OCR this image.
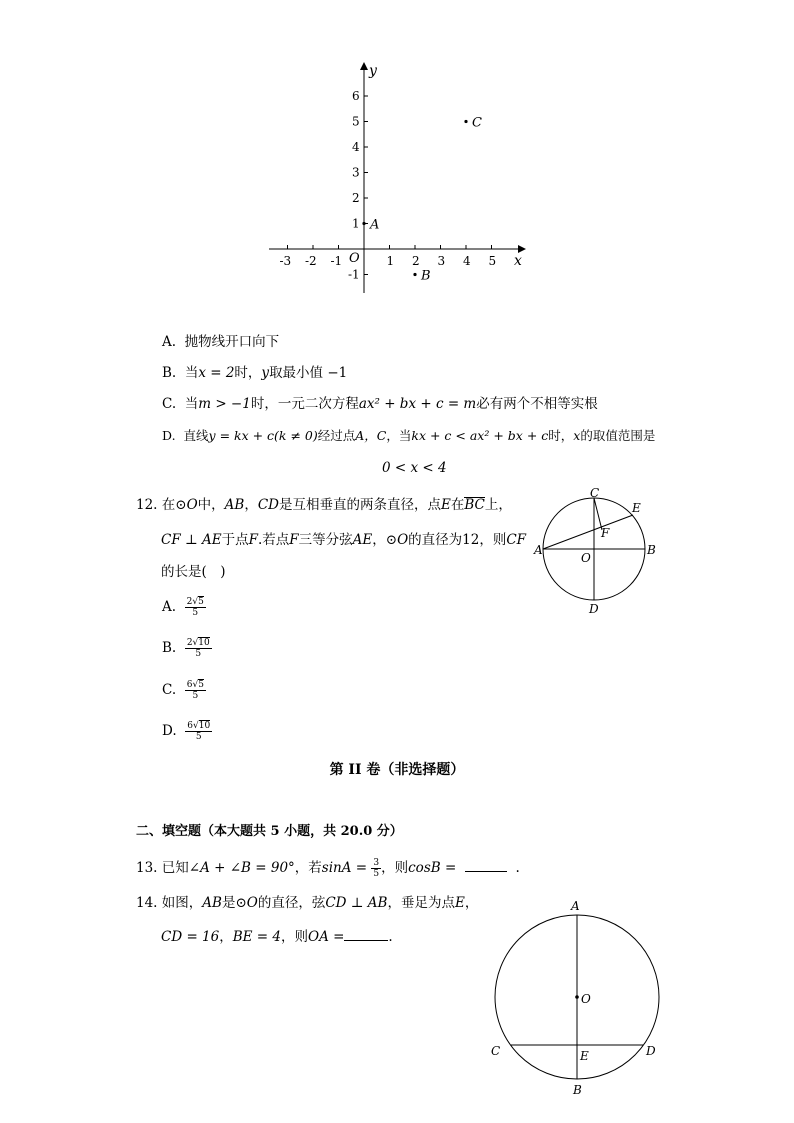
-3 -2 -1	1 2 3 4 5
6
5
4
3
2
1
-1
y
x
O
A
B
C
A. 抛物线开口向下
B. 当x = 2时，y取最小值 −1
C. 当m > −1时，一元二次方程ax² + bx + c = m必有两个不相等实根
D. 直线y = kx + c(k ≠ 0)经过点A，C，当kx + c < ax² + bx + c时，x的取值范围是
0 < x < 4
12. 在⊙O中，AB，CD是互相垂直的两条直径，点E在BC上，
CF ⊥ AE于点F.若点F三等分弦AE，⊙O的直径为12，则CF
的长是(　)
A. $\frac{2√5}{5}$
B. $\frac{2√10}{5}$
C. $\frac{6√5}{5}$
D. $\frac{6√10}{5}$
C
E
F
A	B
O
D
第 II 卷（非选择题）
二、填空题（本大题共 5 小题，共 20.0 分）
13. 已知∠A + ∠B = 90°，若$\sin A = \frac{3}{5}$ ，则cosB =	.
14. 如图，AB是⊙O的直径，弦CD ⊥ AB，垂足为点E，
CD = 16，BE = 4，则OA =	.
A
O
C	E	D
B
